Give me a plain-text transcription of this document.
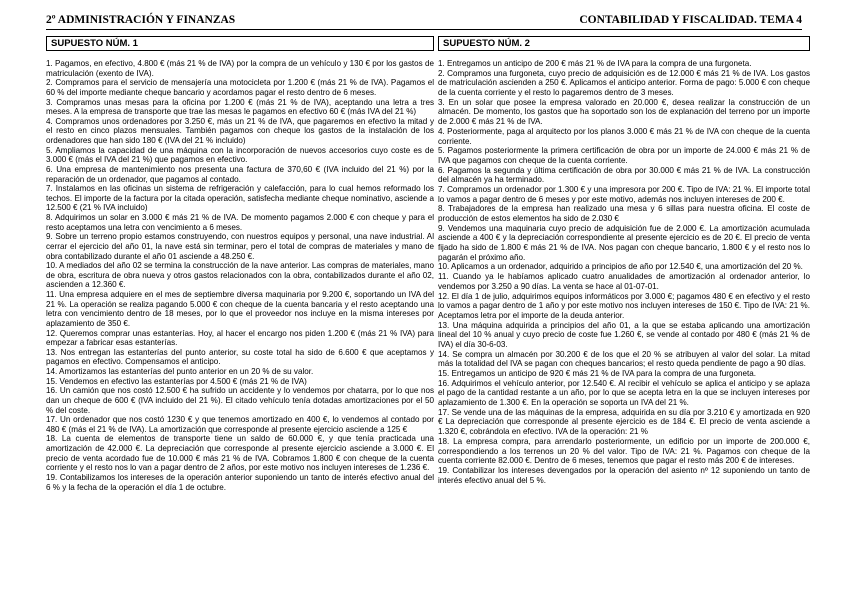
2º ADMINISTRACIÓN Y FINANZAS	CONTABILIDAD Y FISCALIDAD. TEMA 4
SUPUESTO NÚM. 1

1. Pagamos, en efectivo, 4.800 € (más 21 % de IVA) por la compra de un vehículo y 130 € por los gastos de matriculación (exento de IVA).

2. Compramos para el servicio de mensajería una motocicleta por 1.200 € (más 21 % de IVA). Pagamos el 60 % del importe mediante cheque bancario y acordamos pagar el resto dentro de 6 meses.

3. Compramos unas mesas para la oficina por 1.200 € (más 21 % de IVA), aceptando una letra a tres meses. A la empresa de transporte que trae las mesas le pagamos en efectivo 60 € (más IVA del 21 %)

4. Compramos unos ordenadores por 3.250 €, más un 21 % de IVA, que pagaremos en efectivo la mitad y el resto en cinco plazos mensuales. También pagamos con cheque los gastos de la instalación de los ordenadores que han sido 180 € (IVA del 21 % incluido)

5. Ampliamos la capacidad de una máquina con la incorporación de nuevos accesorios cuyo coste es de 3.000 € (más el IVA del 21 %) que pagamos en efectivo.

6. Una empresa de mantenimiento nos presenta una factura de 370,60 € (IVA incluido del 21 %) por la reparación de un ordenador, que pagamos al contado.

7. Instalamos en las oficinas un sistema de refrigeración y calefacción, para lo cual hemos reformado los techos. El importe de la factura por la citada operación, satisfecha mediante cheque nominativo, asciende a 12.500 € (21 % IVA incluido)

8. Adquirimos un solar en 3.000 € más 21 % de IVA. De momento pagamos 2.000 € con cheque y para el resto aceptamos una letra con vencimiento a 6 meses.

9. Sobre un terreno propio estamos construyendo, con nuestros equipos y personal, una nave industrial. Al cerrar el ejercicio del año 01, la nave está sin terminar, pero el total de compras de materiales y mano de obra contabilizado durante el año 01 asciende a 48.250 €.

10. A mediados del año 02 se termina la construcción de la nave anterior. Las compras de materiales, mano de obra, escritura de obra nueva y otros gastos relacionados con la obra, contabilizados durante el año 02, ascienden a 12.360 €.

11. Una empresa adquiere en el mes de septiembre diversa maquinaria por 9.200 €, soportando un IVA del 21 %. La operación se realiza pagando 5.000 € con cheque de la cuenta bancaria y el resto aceptando una letra con vencimiento dentro de 18 meses, por lo que el proveedor nos incluye en la misma intereses por aplazamiento de 350 €.

12. Queremos comprar unas estanterías. Hoy, al hacer el encargo nos piden 1.200 € (más 21 % IVA) para empezar a fabricar esas estanterías.

13. Nos entregan las estanterías del punto anterior, su coste total ha sido de 6.600 € que aceptamos y pagamos en efectivo. Compensamos el anticipo.

14. Amortizamos las estanterías del punto anterior en un 20 % de su valor.

15. Vendemos en efectivo las estanterías por 4.500 € (más 21 % de IVA)

16. Un camión que nos costó 12.500 € ha sufrido un accidente y lo vendemos por chatarra, por lo que nos dan un cheque de 600 € (IVA incluido del 21 %). El citado vehículo tenía dotadas amortizaciones por el 50 % del coste.

17. Un ordenador que nos costó 1230 € y que tenemos amortizado en 400 €, lo vendemos al contado por 480 € (más el 21 % de IVA). La amortización que corresponde al presente ejercicio asciende a 125 €

18. La cuenta de elementos de transporte tiene un saldo de 60.000 €, y que tenía practicada una amortización de 42.000 €. La depreciación que corresponde al presente ejercicio asciende a 3.000 €. El precio de venta acordado fue de 10.000 € más 21 % de IVA. Cobramos 1.800 € con cheque de la cuenta corriente y el resto nos lo van a pagar dentro de 2 años, por este motivo nos incluyen intereses de 1.236 €.

19. Contabilizamos los intereses de la operación anterior suponiendo un tanto de interés efectivo anual del 6 % y la fecha de la operación el día 1 de octubre.

SUPUESTO NÚM. 2

1. Entregamos un anticipo de 200 € más 21 % de IVA para la compra de una furgoneta.

2. Compramos una furgoneta, cuyo precio de adquisición es de 12.000 € más 21 % de IVA. Los gastos de matriculación ascienden a 250 €. Aplicamos el anticipo anterior. Forma de pago: 5.000 € con cheque de la cuenta corriente y el resto lo pagaremos dentro de 3 meses.

3. En un solar que posee la empresa valorado en 20.000 €, desea realizar la construcción de un almacén. De momento, los gastos que ha soportado son los de explanación del terreno por un importe de 2.000 € más 21 % de IVA.

4. Posteriormente, paga al arquitecto por los planos 3.000 € más 21 % de IVA con cheque de la cuenta corriente.

5. Pagamos posteriormente la primera certificación de obra por un importe de 24.000 € más 21 % de IVA que pagamos con cheque de la cuenta corriente.

6. Pagamos la segunda y última certificación de obra por 30.000 € más 21 % de IVA. La construcción del almacén ya ha terminado.

7. Compramos un ordenador por 1.300 € y una impresora por 200 €. Tipo de IVA: 21 %. El importe total lo vamos a pagar dentro de 6 meses y por este motivo, además nos incluyen intereses de 200 €.

8. Trabajadores de la empresa han realizado una mesa y 6 sillas para nuestra oficina. El coste de producción de estos elementos ha sido de 2.030 €

9. Vendemos una maquinaria cuyo precio de adquisición fue de 2.000 €. La amortización acumulada asciende a 400 € y la depreciación correspondiente al presente ejercicio es de 20 €. El precio de venta fijado ha sido de 1.800 € más 21 % de IVA. Nos pagan con cheque bancario, 1.800 € y el resto nos lo pagarán el próximo año.

10. Aplicamos a un ordenador, adquirido a principios de año por 12.540 €, una amortización del 20 %.

11. Cuando ya le habíamos aplicado cuatro anualidades de amortización al ordenador anterior, lo vendemos por 3.250 a 90 días. La venta se hace al 01-07-01.

12. El día 1 de julio, adquirimos equipos informáticos por 3.000 €; pagamos 480 € en efectivo y el resto lo vamos a pagar dentro de 1 año y por este motivo nos incluyen intereses de 150 €. Tipo de IVA: 21 %. Aceptamos letra por el importe de la deuda anterior.

13. Una máquina adquirida a principios del año 01, a la que se estaba aplicando una amortización lineal del 10 % anual y cuyo precio de coste fue 1.260 €, se vende al contado por 480 € (más 21 % de IVA) el día 30-6-03.

14. Se compra un almacén por 30.200 € de los que el 20 % se atribuyen al valor del solar. La mitad más la totalidad del IVA se pagan con cheques bancarios; el resto queda pendiente de pago a 90 días.

15. Entregamos un anticipo de 920 € más 21 % de IVA para la compra de una furgoneta.

16. Adquirimos el vehículo anterior, por 12.540 €. Al recibir el vehículo se aplica el anticipo y se aplaza el pago de la cantidad restante a un año, por lo que se acepta letra en la que se incluyen intereses por aplazamiento de 1.300 €. En la operación se soporta un IVA del 21 %.

17. Se vende una de las máquinas de la empresa, adquirida en su día por 3.210 € y amortizada en 920 € La depreciación que corresponde al presente ejercicio es de 184 €. El precio de venta asciende a 1.320 €, cobrándola en efectivo. IVA de la operación: 21 %

18. La empresa compra, para arrendarlo posteriormente, un edificio por un importe de 200.000 €, correspondiendo a los terrenos un 20 % del valor. Tipo de IVA: 21 %. Pagamos con cheque de la cuenta corriente 82.000 €. Dentro de 6 meses, tenemos que pagar el resto más 200 € de intereses.

19. Contabilizar los intereses devengados por la operación del asiento nº 12 suponiendo un tanto de interés efectivo anual del 5 %.
